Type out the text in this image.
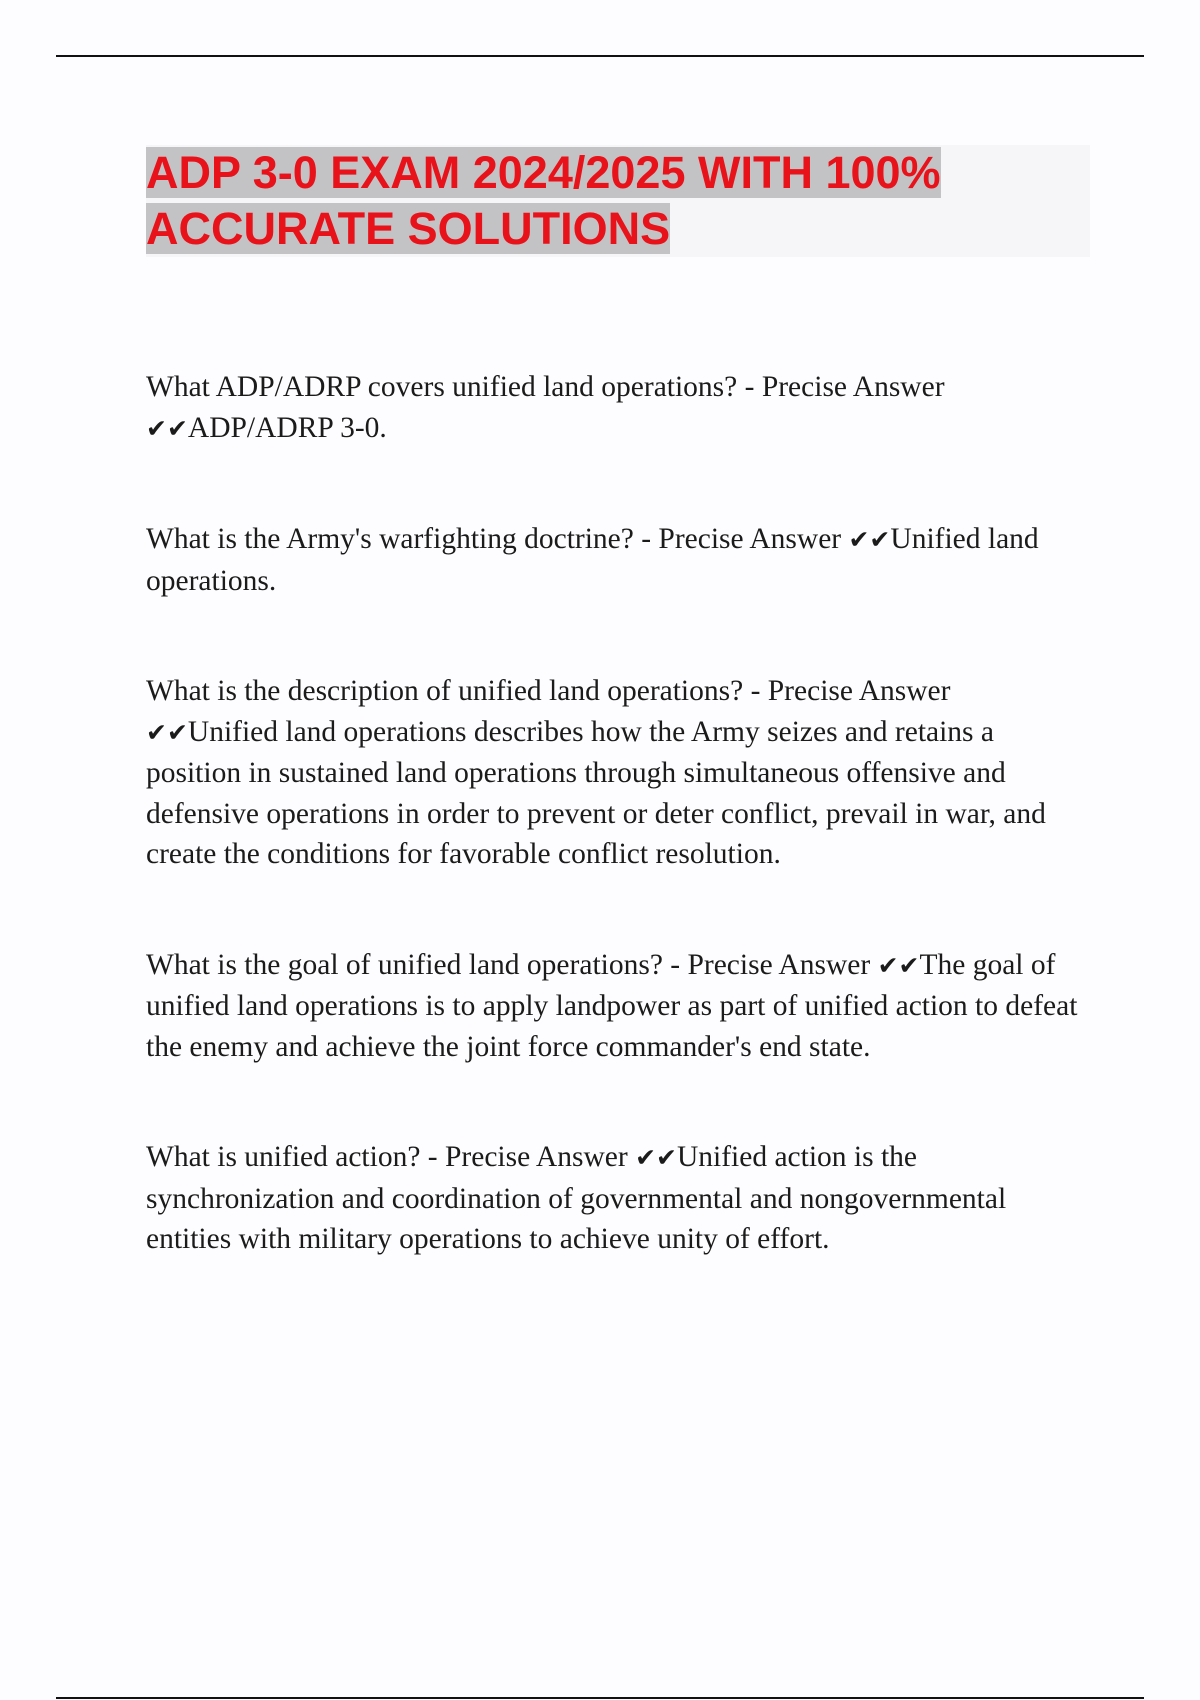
ADP 3-0 EXAM 2024/2025 WITH 100%
ACCURATE SOLUTIONS

What ADP/ADRP covers unified land operations? - Precise Answer
✔✔ADP/ADRP 3-0.

What is the Army's warfighting doctrine? - Precise Answer ✔✔Unified land operations.

What is the description of unified land operations? - Precise Answer
✔✔Unified land operations describes how the Army seizes and retains a position in sustained land operations through simultaneous offensive and defensive operations in order to prevent or deter conflict, prevail in war, and create the conditions for favorable conflict resolution.

What is the goal of unified land operations? - Precise Answer ✔✔The goal of unified land operations is to apply landpower as part of unified action to defeat the enemy and achieve the joint force commander's end state.

What is unified action? - Precise Answer ✔✔Unified action is the synchronization and coordination of governmental and nongovernmental entities with military operations to achieve unity of effort.
